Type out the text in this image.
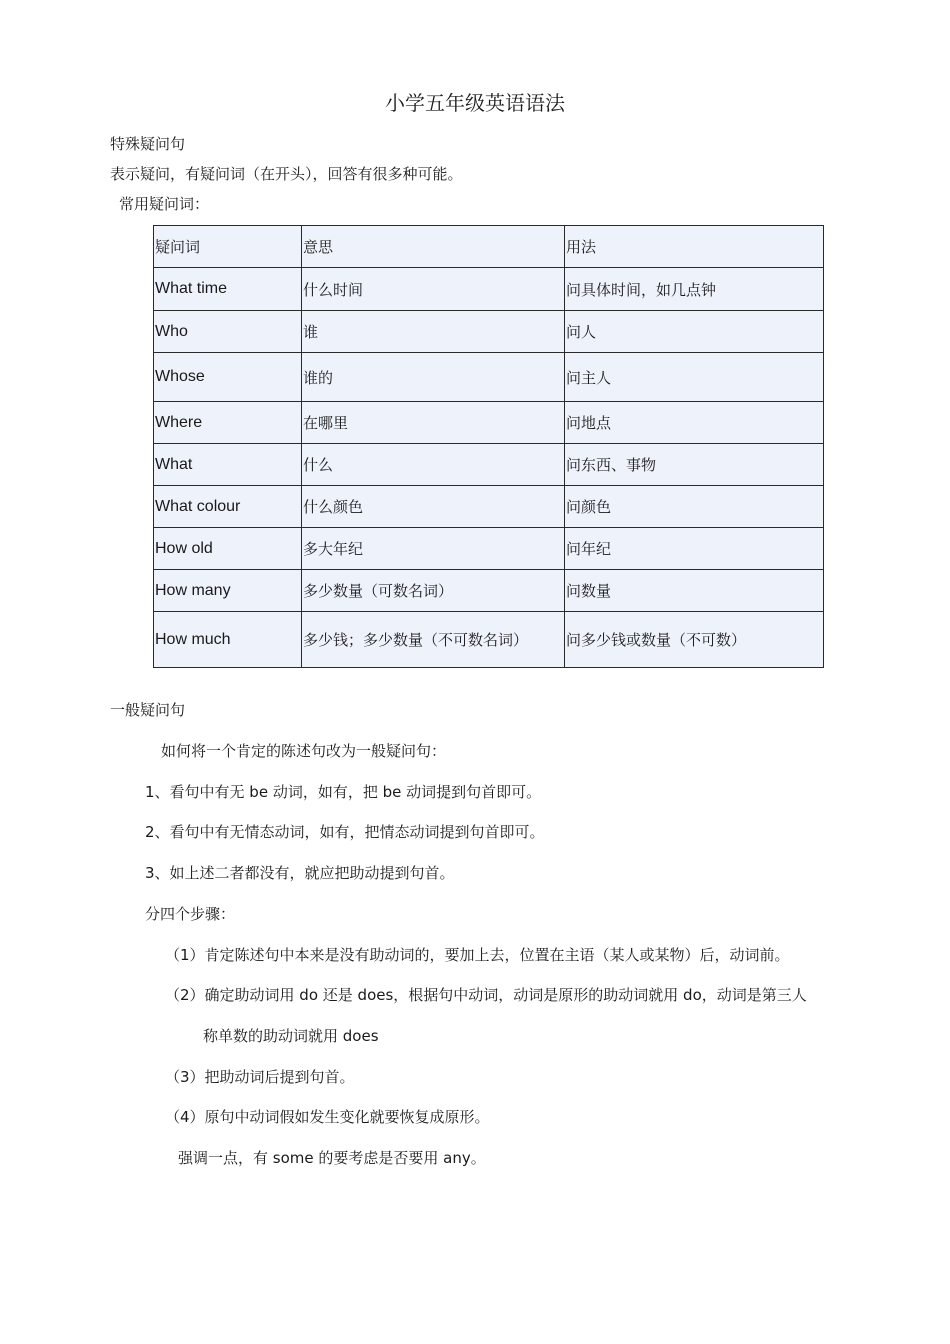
小学五年级英语语法
特殊疑问句
表示疑问，有疑问词（在开头），回答有很多种可能。
常用疑问词：
疑问词	意思	用法
What time	什么时间	问具体时间，如几点钟
Who	谁	问人
Whose	谁的	问主人
Where	在哪里	问地点
What	什么	问东西、事物
What colour	什么颜色	问颜色
How old	多大年纪	问年纪
How many	多少数量（可数名词）	问数量
How much	多少钱；多少数量（不可数名词）	问多少钱或数量（不可数）
一般疑问句
如何将一个肯定的陈述句改为一般疑问句：
1、看句中有无 be 动词，如有，把 be 动词提到句首即可。
2、看句中有无情态动词，如有，把情态动词提到句首即可。
3、如上述二者都没有，就应把助动提到句首。
分四个步骤：
（1）肯定陈述句中本来是没有助动词的，要加上去，位置在主语（某人或某物）后，动词前。
（2）确定助动词用 do 还是 does，根据句中动词，动词是原形的助动词就用 do，动词是第三人
称单数的助动词就用 does
（3）把助动词后提到句首。
（4）原句中动词假如发生变化就要恢复成原形。
强调一点，有 some 的要考虑是否要用 any。
